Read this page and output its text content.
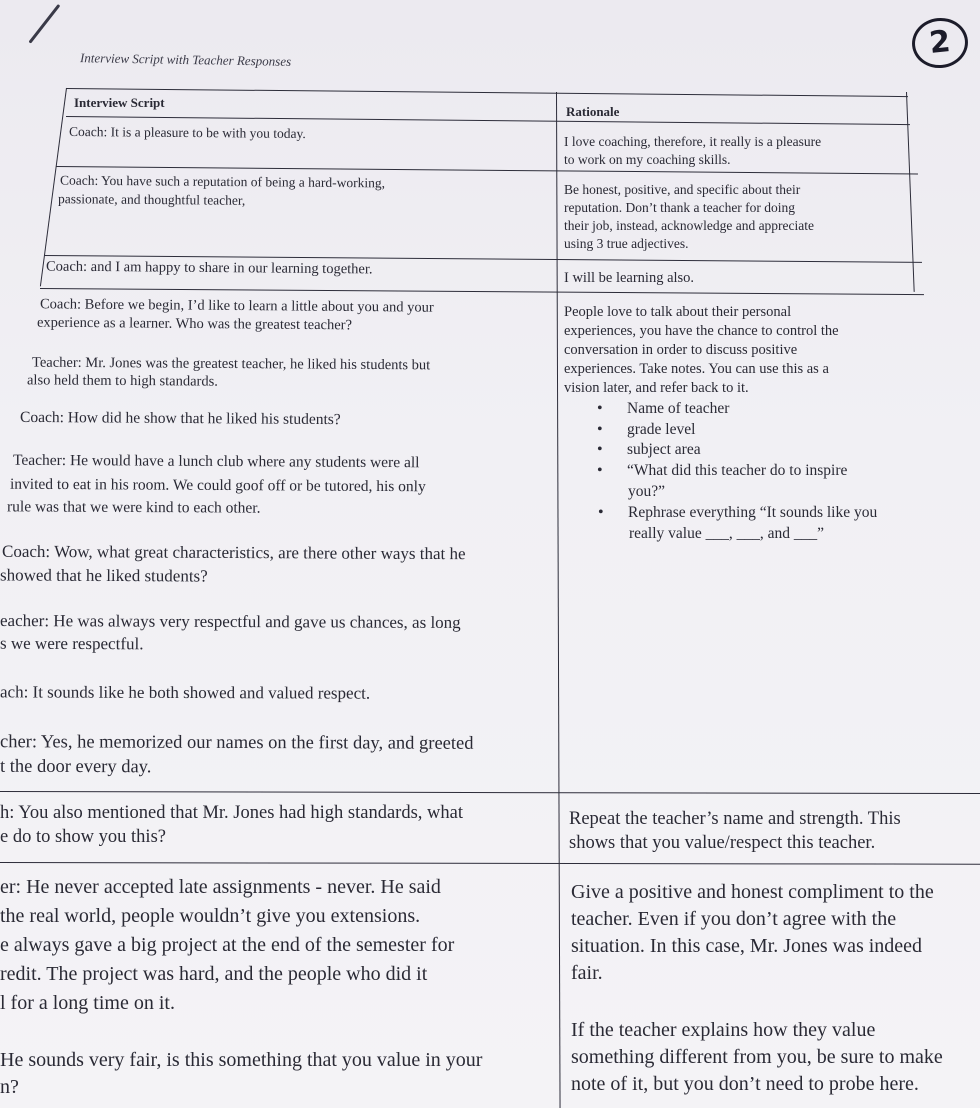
2
Interview Script with Teacher Responses
Interview Script
Rationale
Coach: It is a pleasure to be with you today.
I love coaching, therefore, it really is a pleasure
to work on my coaching skills.
Coach: You have such a reputation of being a hard-working,
passionate, and thoughtful teacher,
Be honest, positive, and specific about their
reputation. Don’t thank a teacher for doing
their job, instead, acknowledge and appreciate
using 3 true adjectives.
Coach: and I am happy to share in our learning together.
I will be learning also.
Coach: Before we begin, I’d like to learn a little about you and your
experience as a learner. Who was the greatest teacher?
Teacher: Mr. Jones was the greatest teacher, he liked his students but
also held them to high standards.
Coach: How did he show that he liked his students?
Teacher: He would have a lunch club where any students were all
invited to eat in his room. We could goof off or be tutored, his only
rule was that we were kind to each other.
Coach: Wow, what great characteristics, are there other ways that he
showed that he liked students?
eacher: He was always very respectful and gave us chances, as long
s we were respectful.
ach: It sounds like he both showed and valued respect.
cher: Yes, he memorized our names on the first day, and greeted
t the door every day.
People love to talk about their personal
experiences, you have the chance to control the
conversation in order to discuss positive
experiences. Take notes. You can use this as a
vision later, and refer back to it.
• Name of teacher
• grade level
• subject area
• “What did this teacher do to inspire
you?”
• Rephrase everything “It sounds like you
really value ___, ___, and ___”
h: You also mentioned that Mr. Jones had high standards, what
e do to show you this?
Repeat the teacher’s name and strength. This
shows that you value/respect this teacher.
er: He never accepted late assignments - never. He said
the real world, people wouldn’t give you extensions.
e always gave a big project at the end of the semester for
redit. The project was hard, and the people who did it
l for a long time on it.
He sounds very fair, is this something that you value in your
n?
Give a positive and honest compliment to the
teacher. Even if you don’t agree with the
situation. In this case, Mr. Jones was indeed
fair.
If the teacher explains how they value
something different from you, be sure to make
note of it, but you don’t need to probe here.
